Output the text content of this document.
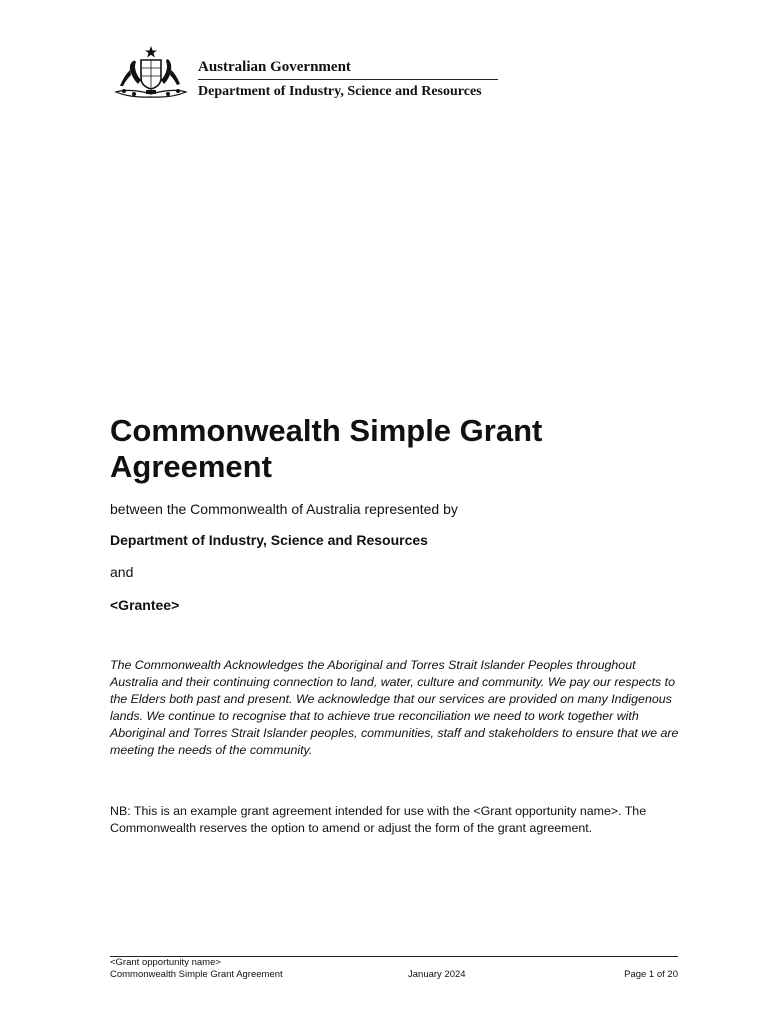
Australian Government
Department of Industry, Science and Resources
Commonwealth Simple Grant Agreement
between the Commonwealth of Australia represented by
Department of Industry, Science and Resources
and
<Grantee>

The Commonwealth Acknowledges the Aboriginal and Torres Strait Islander Peoples throughout Australia and their continuing connection to land, water, culture and community. We pay our respects to the Elders both past and present. We acknowledge that our services are provided on many Indigenous lands. We continue to recognise that to achieve true reconciliation we need to work together with Aboriginal and Torres Strait Islander peoples, communities, staff and stakeholders to ensure that we are meeting the needs of the community.

NB: This is an example grant agreement intended for use with the <Grant opportunity name>. The Commonwealth reserves the option to amend or adjust the form of the grant agreement.

<Grant opportunity name>
Commonwealth Simple Grant Agreement	January 2024	Page 1 of 20
